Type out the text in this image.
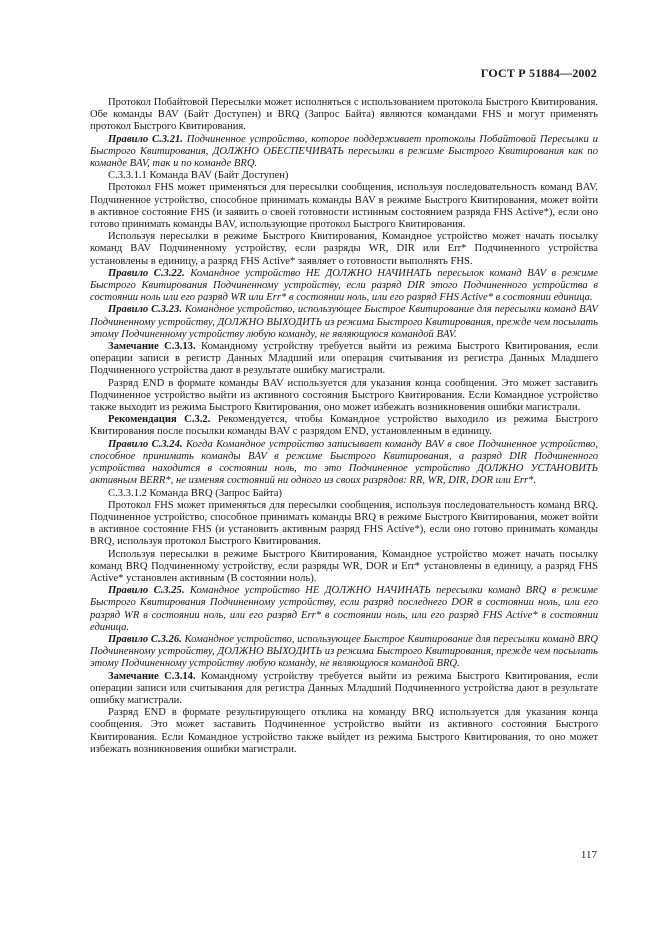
ГОСТ Р 51884—2002

Протокол Побайтовой Пересылки может исполняться с использованием протокола Быстрого Квитирования. Обе команды BAV (Байт Доступен) и BRQ (Запрос Байта) являются командами FHS и могут применять протокол Быстрого Квитирования.

Правило C.3.21. Подчиненное устройство, которое поддерживает протоколы Побайтовой Пересылки и Быстрого Квитирования, ДОЛЖНО ОБЕСПЕЧИВАТЬ пересылки в режиме Быстрого Квитирования как по команде BAV, так и по команде BRQ.

C.3.3.1.1 Команда BAV (Байт Доступен)

Протокол FHS может применяться для пересылки сообщения, используя последовательность команд BAV. Подчиненное устройство, способное принимать команды BAV в режиме Быстрого Квитирования, может войти в активное состояние FHS (и заявить о своей готовности истинным состоянием разряда FHS Active*), если оно готово принимать команды BAV, использующие протокол Быстрого Квитирования.

Используя пересылки в режиме Быстрого Квитирования, Командное устройство может начать посылку команд BAV Подчиненному устройству, если разряды WR, DIR или Err* Подчиненного устройства установлены в единицу, а разряд FHS Active* заявляет о готовности выполнять FHS.

Правило C.3.22. Командное устройство НЕ ДОЛЖНО НАЧИНАТЬ пересылок команд BAV в режиме Быстрого Квитирования Подчиненному устройству, если разряд DIR этого Подчиненного устройства в состоянии ноль или его разряд WR или Err* в состоянии ноль, или его разряд FHS Active* в состоянии единица.

Правило C.3.23. Командное устройство, использующее Быстрое Квитирование для пересылки команд BAV Подчиненному устройству, ДОЛЖНО ВЫХОДИТЬ из режима Быстрого Квитирования, прежде чем посылать этому Подчиненному устройству любую команду, не являющуюся командой BAV.

Замечание C.3.13. Командному устройству требуется выйти из режима Быстрого Квитирования, если операции записи в регистр Данных Младший или операция считывания из регистра Данных Младшего Подчиненного устройства дают в результате ошибку магистрали.

Разряд END в формате команды BAV используется для указания конца сообщения. Это может заставить Подчиненное устройство выйти из активного состояния Быстрого Квитирования. Если Командное устройство также выходит из режима Быстрого Квитирования, оно может избежать возникновения ошибки магистрали.

Рекомендация C.3.2. Рекомендуется, чтобы Командное устройство выходило из режима Быстрого Квитирования после посылки команды BAV с разрядом END, установленным в единицу.

Правило C.3.24. Когда Командное устройство записывает команду BAV в свое Подчиненное устройство, способное принимать команды BAV в режиме Быстрого Квитирования, а разряд DIR Подчиненного устройства находится в состоянии ноль, то это Подчиненное устройство ДОЛЖНО УСТАНОВИТЬ активным BERR*, не изменяя состояний ни одного из своих разрядов: RR, WR, DIR, DOR или Err*.

C.3.3.1.2 Команда BRQ (Запрос Байта)

Протокол FHS может применяться для пересылки сообщения, используя последовательность команд BRQ. Подчиненное устройство, способное принимать команды BRQ в режиме Быстрого Квитирования, может войти в активное состояние FHS (и установить активным разряд FHS Active*), если оно готово принимать команды BRQ, используя протокол Быстрого Квитирования.

Используя пересылки в режиме Быстрого Квитирования, Командное устройство может начать посылку команд BRQ Подчиненному устройству, если разряды WR, DOR и Err* установлены в единицу, а разряд FHS Active* установлен активным (В состоянии ноль).

Правило C.3.25. Командное устройство НЕ ДОЛЖНО НАЧИНАТЬ пересылки команд BRQ в режиме Быстрого Квитирования Подчиненному устройству, если разряд последнего DOR в состоянии ноль, или его разряд WR в состоянии ноль, или его разряд Err* в состоянии ноль, или его разряд FHS Active* в состоянии единица.

Правило C.3.26. Командное устройство, использующее Быстрое Квитирование для пересылки команд BRQ Подчиненному устройству, ДОЛЖНО ВЫХОДИТЬ из режима Быстрого Квитирования, прежде чем посылать этому Подчиненному устройству любую команду, не являющуюся командой BRQ.

Замечание C.3.14. Командному устройству требуется выйти из режима Быстрого Квитирования, если операции записи или считывания для регистра Данных Младший Подчиненного устройства дают в результате ошибку магистрали.

Разряд END в формате результирующего отклика на команду BRQ используется для указания конца сообщения. Это может заставить Подчиненное устройство выйти из активного состояния Быстрого Квитирования. Если Командное устройство также выйдет из режима Быстрого Квитирования, то оно может избежать возникновения ошибки магистрали.

117
